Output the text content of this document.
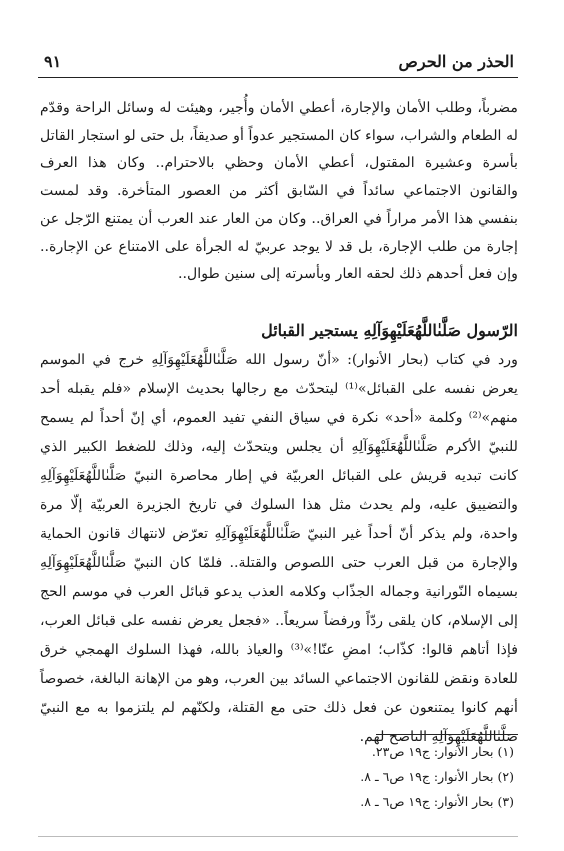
٩١	الحذر من الحرص

مضرباً، وطلب الأمان والإجارة، أعطي الأمان وأُجير، وهيئت له وسائل الراحة وقدّم له الطعام والشراب، سواء كان المستجير عدواً أو صديقاً، بل حتى لو استجار القاتل بأسرة وعشيرة المقتول، أعطي الأمان وحظي بالاحترام.. وكان هذا العرف والقانون الاجتماعي سائداً في السّابق أكثر من العصور المتأخرة. وقد لمست بنفسي هذا الأمر مراراً في العراق.. وكان من العار عند العرب أن يمتنع الرّجل عن إجارة من طلب الإجارة، بل قد لا يوجد عربيّ له الجرأة على الامتناع عن الإجارة.. وإن فعل أحدهم ذلك لحقه العار وبأسرته إلى سنين طوال..

الرّسول صَلَّىٰاللَّهُعَلَيْهِوَآلِهِ يستجير القبائل

ورد في كتاب (بحار الأنوار): «أنّ رسول الله صَلَّىٰاللَّهُعَلَيْهِوَآلِهِ خرج في الموسم يعرض نفسه على القبائل»⁽¹⁾ ليتحدّث مع رجالها بحديث الإسلام «فلم يقبله أحد منهم»⁽²⁾ وكلمة «أحد» نكرة في سياق النفي تفيد العموم، أي إنّ أحداً لم يسمح للنبيّ الأكرم صَلَّىٰاللَّهُعَلَيْهِوَآلِهِ أن يجلس ويتحدّث إليه، وذلك للضغط الكبير الذي كانت تبديه قريش على القبائل العربيّة في إطار محاصرة النبيّ صَلَّىٰاللَّهُعَلَيْهِوَآلِهِ والتضييق عليه، ولم يحدث مثل هذا السلوك في تاريخ الجزيرة العربيّة إلّا مرة واحدة، ولم يذكر أنّ أحداً غير النبيّ صَلَّىٰاللَّهُعَلَيْهِوَآلِهِ تعرّض لانتهاك قانون الحماية والإجارة من قبل العرب حتى اللصوص والقتلة.. فلمّا كان النبيّ صَلَّىٰاللَّهُعَلَيْهِوَآلِهِ بسيماه النّورانية وجماله الجذّاب وكلامه العذب يدعو قبائل العرب في موسم الحج إلى الإسلام، كان يلقى ردّاً ورفضاً سريعاً.. «فجعل يعرض نفسه على قبائل العرب، فإذا أتاهم قالوا: كذّاب؛ امضِ عنّا!»⁽³⁾ والعياذ بالله، فهذا السلوك الهمجي خرق للعادة ونقض للقانون الاجتماعي السائد بين العرب، وهو من الإهانة البالغة، خصوصاً أنهم كانوا يمتنعون عن فعل ذلك حتى مع القتلة، ولكنّهم لم يلتزموا به مع النبيّ صَلَّىٰاللَّهُعَلَيْهِوَآلِهِ الناصح لهم.

(١) بحار الأنوار: ج١٩ ص٢٣.
(٢) بحار الأنوار: ج١٩ ص٦ ـ ٨.
(٣) بحار الأنوار: ج١٩ ص٦ ـ ٨.
